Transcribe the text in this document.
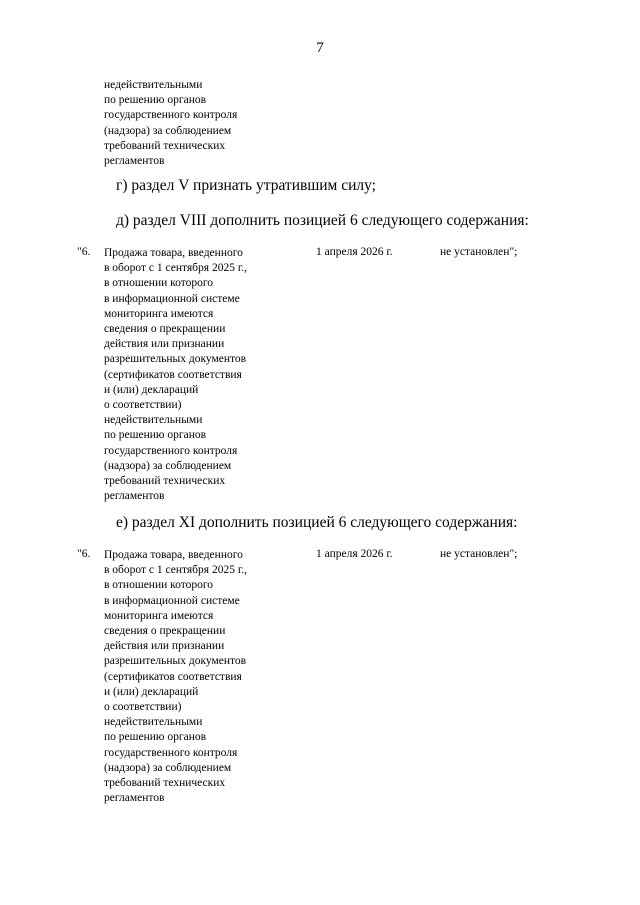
7
недействительными
по решению органов
государственного контроля
(надзора) за соблюдением
требований технических
регламентов
г) раздел V признать утратившим силу;
д) раздел VIII дополнить позицией 6 следующего содержания:
"6. Продажа товара, введенного
в оборот с 1 сентября 2025 г.,
в отношении которого
в информационной системе
мониторинга имеются
сведения о прекращении
действия или признании
разрешительных документов
(сертификатов соответствия
и (или) деклараций
о соответствии)
недействительными
по решению органов
государственного контроля
(надзора) за соблюдением
требований технических
регламентов
1 апреля 2026 г.	не установлен";
е) раздел XI дополнить позицией 6 следующего содержания:
"6. Продажа товара, введенного
в оборот с 1 сентября 2025 г.,
в отношении которого
в информационной системе
мониторинга имеются
сведения о прекращении
действия или признании
разрешительных документов
(сертификатов соответствия
и (или) деклараций
о соответствии)
недействительными
по решению органов
государственного контроля
(надзора) за соблюдением
требований технических
регламентов
1 апреля 2026 г.	не установлен";
